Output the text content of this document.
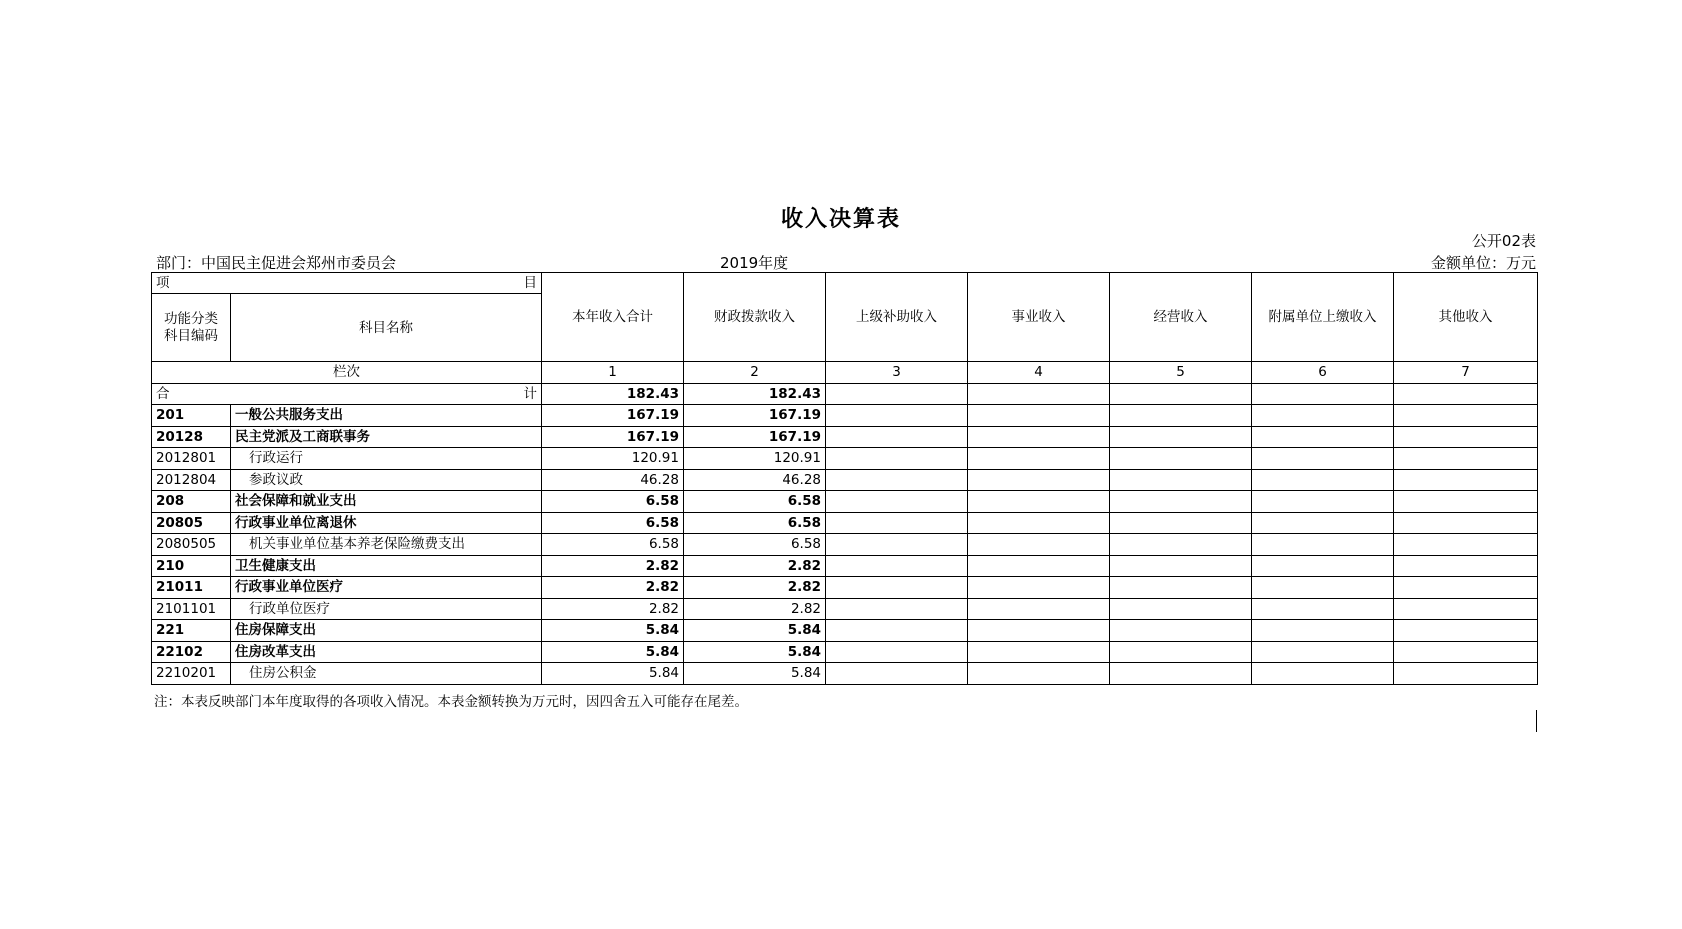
收入决算表
公开02表
部门：中国民主促进会郑州市委员会	2019年度	金额单位：万元
项 目		本年收入合计	财政拨款收入	上级补助收入	事业收入	经营收入	附属单位上缴收入	其他收入
功能分类
科目编码	科目名称							
栏次		1	2	3	4	5	6	7

合 计		182.43	182.43					
201	一般公共服务支出	167.19	167.19					
20128	民主党派及工商联事务	167.19	167.19					
2012801	行政运行	120.91	120.91					
2012804	参政议政	46.28	46.28					
208	社会保障和就业支出	6.58	6.58					
20805	行政事业单位离退休	6.58	6.58					
2080505	机关事业单位基本养老保险缴费支出	6.58	6.58					
210	卫生健康支出	2.82	2.82					
21011	行政事业单位医疗	2.82	2.82					
2101101	行政单位医疗	2.82	2.82					
221	住房保障支出	5.84	5.84					
22102	住房改革支出	5.84	5.84					
2210201	住房公积金	5.84	5.84					
注：本表反映部门本年度取得的各项收入情况。本表金额转换为万元时，因四舍五入可能存在尾差。
